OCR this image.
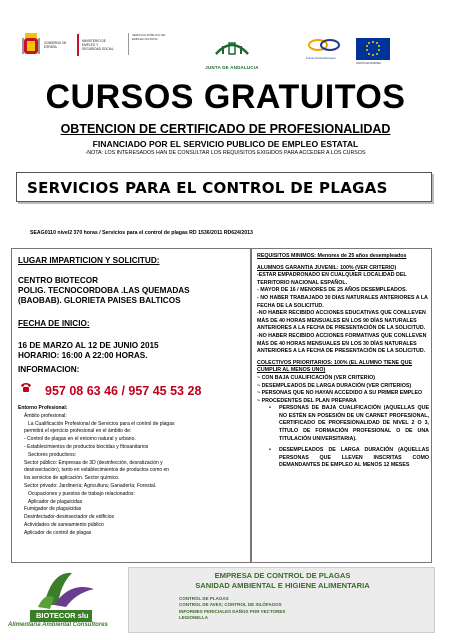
GOBIERNO DE ESPAÑA
MINISTERIO DE EMPLEO Y SEGURIDAD SOCIAL
SERVICIO PÚBLICO DE EMPLEO ESTATAL
JUNTA DE ANDALUCIA
Fondo Social Europeo
UNIÓN EUROPEA
CURSOS GRATUITOS
OBTENCION DE CERTIFICADO DE PROFESIONALIDAD
FINANCIADO POR EL SERVICIO PUBLICO DE EMPLEO ESTATAL
-NOTA: LOS INTERESADOS HAN DE CONSULTAR LOS REQUISITOS EXIGIDOS PARA ACCEDER A LOS CURSOS
SERVICIOS PARA EL CONTROL DE PLAGAS
SEAG0110 nivel2 370 horas / Servicios para el control de plagas RD 1536/2011 RD624/2013
LUGAR IMPARTICION Y SOLICITUD:
CENTRO BIOTECOR
POLIG. TECNOCORDOBA .LAS QUEMADAS
(BAOBAB). GLORIETA PAISES BALTICOS
FECHA DE INICIO:
16 DE MARZO AL 12 DE JUNIO 2015
HORARIO: 16:00 A 22:00 HORAS.
INFORMACION:
957 08 63 46 / 957 45 53 28
Entorno Profesional:
Ámbito profesional:
La Cualificación Profesional de Servicios para el control de plagas
permitirá el ejercicio profesional en el ámbito de:
- Control de plagas en el entorno natural y urbano.
- Establecimientos de productos biocidas y fitosanitarios
Sectores productivos:
Sector público: Empresas de 3D (desinfección, desratización y
desinsectación), tanto en establecimientos de productos como en
los servicios de aplicación. Sector químico.
Sector privado: Jardinería; Agricultura; Ganadería; Forestal.
Ocupaciones y puestos de trabajo relacionados:
Aplicador de plaguicidas
Fumigador de plaguicidas
Desinfectador-desinsectador de edificios
Actividades de saneamiento público
Aplicador de control de plagas
REQUISITOS MINIMOS: Menores de 25 años desempleados
ALUMNOS GARANTIA JUVENIL: 100% (VER CRITERIO)
-ESTAR EMPADRONADO EN CUALQUIER LOCALIDAD DEL TERRITORIO NACIONAL ESPAÑOL.
- MAYOR DE 16 / MENORES DE 25 AÑOS DESEMPLEADOS.
- NO HABER TRABAJADO 30 DIAS NATURALES ANTERIORES A LA FECHA DE LA SOLICITUD.
-NO HABER RECIBIDO ACCIONES EDUCATIVAS QUE CONLLEVEN MÁS DE 40 HORAS MENSUALES EN LOS 90 DÍAS NATURALES ANTERIORES A LA FECHA DE PRESENTACIÓN DE LA SOLICITUD.
-NO HABER RECIBIDO ACCIONES FORMATIVAS QUE CONLLEVEN MÁS DE 40 HORAS MENSUALES EN LOS 30 DÍAS NATURALES ANTERIORES A LA FECHA DE PRESENTACIÓN DE LA SOLICITUD.
COLECTIVOS PRIORITARIOS: 100% (EL ALUMNO TIENE QUE CUMPLIR AL MENOS UNO)
~ CON BAJA CUALIFICACIÓN (VER CRITERIO)
~ DESEMPLEADOS DE LARGA DURACIÓN (VER CRITERIOS)
~ PERSONAS QUE NO HAYAN ACCEDIDO A SU PRIMER EMPLEO
~ PROCEDENTES DEL PLAN PREPARA
•	PERSONAS DE BAJA CUALIFICACIÓN (AQUELLAS QUE NO ESTÉN EN POSESIÓN DE UN CARNET PROFESIONAL, CERTIFICADO DE PROFESIONALIDAD DE NIVEL 2 O 3, TÍTULO DE FORMACIÓN PROFESIONAL O DE UNA TITULACIÓN UNIVERSITARIA).
•	DESEMPLEADOS DE LARGA DURACIÓN (AQUELLAS PERSONAS QUE LLEVEN INSCRITAS COMO DEMANDANTES DE EMPLEO AL MENOS 12 MESES
BIOTECOR slu
Alimentaria Ambiental Consultores
EMPRESA DE CONTROL DE PLAGAS
SANIDAD AMBIENTAL E HIGIENE ALIMENTARIA
CONTROL DE PLAGAS
CONTROL DE AVES; CONTROL DE XILÓFAGOS
INFORMES PERICIALES DAÑOS POR VECTORES
LEGIONELLA
